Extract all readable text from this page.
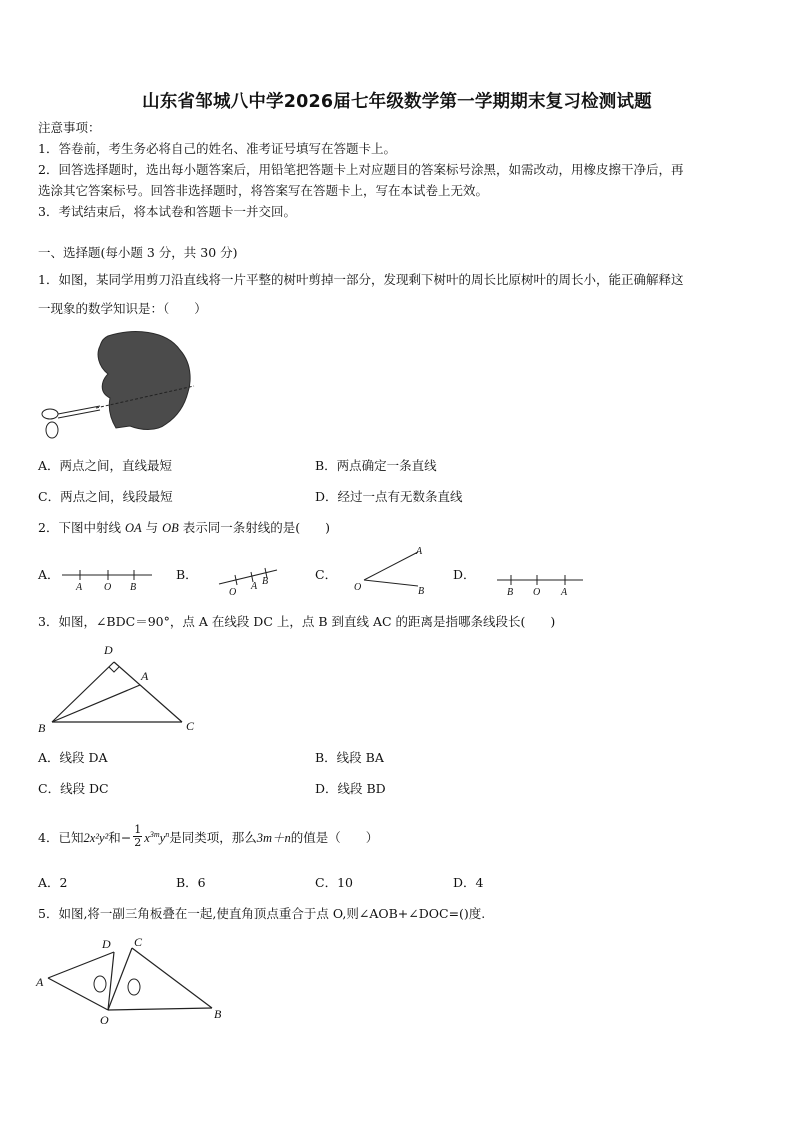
山东省邹城八中学2026届七年级数学第一学期期末复习检测试题
注意事项：
1．答卷前，考生务必将自己的姓名、准考证号填写在答题卡上。
2．回答选择题时，选出每小题答案后，用铅笔把答题卡上对应题目的答案标号涂黑，如需改动，用橡皮擦干净后，再
选涂其它答案标号。回答非选择题时，将答案写在答题卡上，写在本试卷上无效。
3．考试结束后，将本试卷和答题卡一并交回。
一、选择题(每小题 3 分，共 30 分)
1．如图，某同学用剪刀沿直线将一片平整的树叶剪掉一部分，发现剩下树叶的周长比原树叶的周长小，能正确解释这
一现象的数学知识是：（　　）
A．两点之间，直线最短	B．两点确定一条直线
C．两点之间，线段最短	D．经过一点有无数条直线
2．下图中射线 OA 与 OB 表示同一条射线的是(　　)
A．
A O B
B．
O
A B	C．
A
O	B
D．
B O A
3．如图，∠BDC＝90°，点 A 在线段 DC 上，点 B 到直线 AC 的距离是指哪条线段长(　　)
D
A
B	C
A．线段 DA	B．线段 BA
C．线段 DC	D．线段 BD
4．已知2x²y²和− $\frac{1}{2} x^{3m}y^n$是同类项，那么3m＋n的值是（　　）
A．2	B．6	C．10	D．4
5．如图,将一副三角板叠在一起,使直角顶点重合于点 O,则∠AOB+∠DOC=()度.
D C
A
O	B
